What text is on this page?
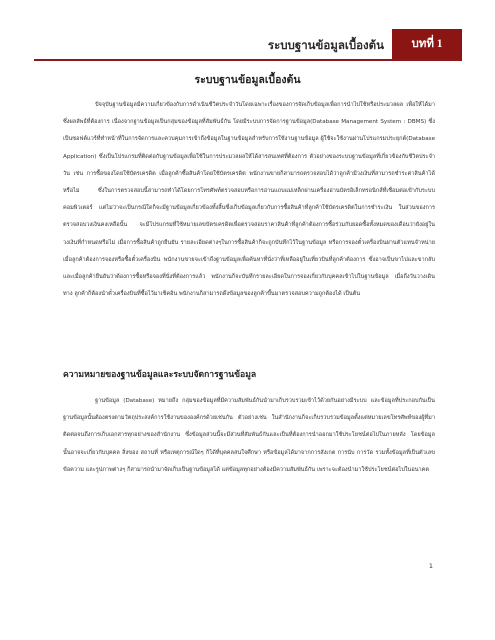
ระบบฐานข้อมูลเบื้องต้น	บทที่ 1
ระบบฐานข้อมูลเบื้องต้น

ปัจจุบันฐานข้อมูลมีความเกี่ยวข้องกับการดำเนินชีวิตประจำวันโดยเฉพาะเรื่องของการจัดเก็บข้อมูลเพื่อการนำไปใช้หรือประมวลผล เพื่อให้ได้มาซึ่งผลลัพธ์ที่ต้องการ เนื่องจากฐานข้อมูลเป็นกลุ่มของข้อมูลที่สัมพันธ์กัน โดยมีระบบการจัดการฐานข้อมูล(Database Management System : DBMS) ซึ่งเป็นซอฟต์แวร์ที่ทำหน้าที่ในการจัดการและควบคุมการเข้าถึงข้อมูลในฐานข้อมูลสำหรับการใช้งานฐานข้อมูล ผู้ใช้จะใช้งานผ่านโปรแกรมประยุกต์(Database Application) ซึ่งเป็นโปรแกรมที่ติดต่อกับฐานข้อมูลเพื่อใช้ในการประมวลผลให้ได้สารสนเทศที่ต้องการ ตัวอย่างของระบบฐานข้อมูลที่เกี่ยวข้องกับชีวิตประจำวัน เช่น การซื้อของโดยใช้บัตรเครดิต เมื่อลูกค้าซื้อสินค้าโดยใช้บัตรเครดิต พนักงานขายก็สามารถตรวจสอบได้ว่าลูกค้ามีวงเงินที่สามารถชำระค่าสินค้าได้หรือไม่ ซึ่งในการตรวจสอบนี้สามารถทำได้โดยการโทรศัพท์ตรวจสอบหรือการอ่านแถบแม่เหล็กผ่านเครื่องอ่านบัตรอิเล็กทรอนิกส์ที่เชื่อมต่อเข้ากับระบบคอมพิวเตอร์ แต่ไม่ว่าจะเป็นกรณีใดก็จะมีฐานข้อมูลเกี่ยวข้องทั้งสิ้นซึ่งเก็บข้อมูลเกี่ยวกับการซื้อสินค้าที่ลูกค้าใช้บัตรเครดิตในการชำระเงิน ในส่วนของการตรวจสอบวงเงินคงเหลือนั้น จะมีโปรแกรมที่ใช้หมายเลขบัตรเครดิตเพื่อตรวจสอบราคาสินค้าที่ลูกค้าต้องการซื้อร่วมกับยอดซื้อทั้งหมดของเดือนว่ายังอยู่ในวงเงินที่กำหนดหรือไม่ เมื่อการซื้อสินค้าถูกยืนยัน รายละเอียดต่างๆในการซื้อสินค้าก็จะถูกบันทึกไว้ในฐานข้อมูล หรือการจองตั๋วเครื่องบินผ่านตัวแทนจำหน่าย เมื่อลูกค้าต้องการจองหรือซื้อตั๋วเครื่องบิน พนักงานขายจะเข้าถึงฐานข้อมูลเพื่อค้นหาที่นั่งว่าที่เหลืออยู่ในเที่ยวบินที่ลูกค้าต้องการ ซึ่งอาจเป็นขาไปและขากลับและเมื่อลูกค้ายืนยันว่าต้องการซื้อหรือจองที่นั่งที่ต้องการแล้ว พนักงานก็จะบันทึกรายละเอียดในการจองเกี่ยวกับบุคคลเข้าไปในฐานข้อมูล เมื่อถึงวันวางเดินทาง ลูกค้าก็ต้องนำตั๋วเครื่องบินที่ซื้อไว้มาเช็คอิน พนักงานก็สามารถดึงข้อมูลของลูกค้าขึ้นมาตรวจสอบความถูกต้องได้ เป็นต้น

ความหมายของฐานข้อมูลและระบบจัดการฐานข้อมูล

ฐานข้อมูล (Database) หมายถึง กลุ่มของข้อมูลที่มีความสัมพันธ์กันนำมาเก็บรวบรวมเข้าไว้ด้วยกันอย่างมีระบบ และข้อมูลที่ประกอบกันเป็นฐานข้อมูลนั้นต้องตรงตามวัตถุประสงค์การใช้งานขององค์กรด้วยเช่นกัน ตัวอย่างเช่น ในสำนักงานก็จะเก็บรวบรวมข้อมูลตั้งแต่หมายเลขโทรศัพท์ของผู้ที่มาติดต่อจนถึงการเก็บเอกสารทุกอย่างของสำนักงาน ซึ่งข้อมูลส่วนนี้จะมีส่วนที่สัมพันธ์กันและเป็นที่ต้องการนำออกมาใช้ประโยชน์ต่อไปในภายหลัง โดยข้อมูลนั้นอาจจะเกี่ยวกับบุคคล สิ่งของ สถานที่ หรือเหตุการณ์ใดๆ ก็ได้ที่บุคคลสนใจศึกษา หรือข้อมูลได้มาจากการสังเกต การนับ การวัด รวมทั้งข้อมูลที่เป็นตัวเลข ข้อความ และรูปภาพต่างๆ ก็สามารถนำมาจัดเก็บเป็นฐานข้อมูลได้ แต่ข้อมูลทุกอย่างต้องมีความสัมพันธ์กัน เพราะจะต้องนำมาใช้ประโยชน์ต่อไปในอนาคต

1
